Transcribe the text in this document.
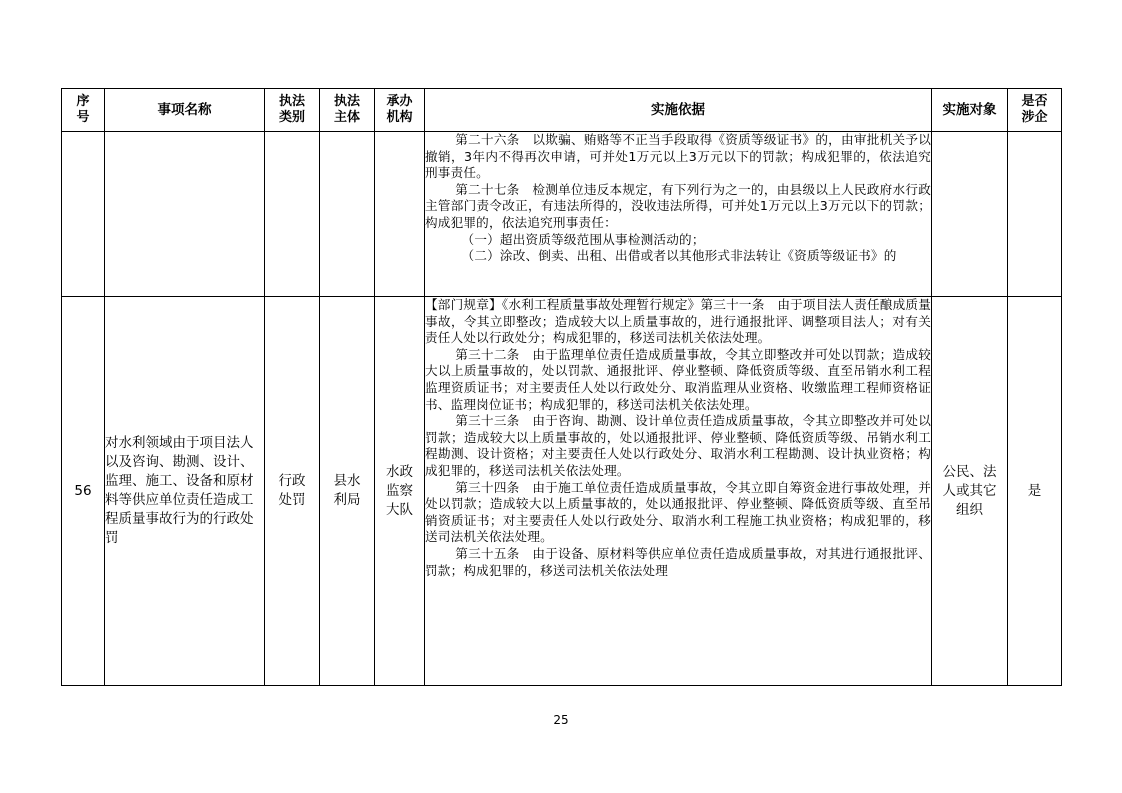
序号	事项名称	执法类别	执法主体	承办机构	实施依据	实施对象	是否涉企

					第二十六条　以欺骗、贿赂等不正当手段取得《资质等级证书》的，由审批机关予以撤销，3年内不得再次申请，可并处1万元以上3万元以下的罚款；构成犯罪的，依法追究刑事责任。

第二十七条　检测单位违反本规定，有下列行为之一的，由县级以上人民政府水行政主管部门责令改正，有违法所得的，没收违法所得，可并处1万元以上3万元以下的罚款；构成犯罪的，依法追究刑事责任：

（一）超出资质等级范围从事检测活动的；

（二）涂改、倒卖、出租、出借或者以其他形式非法转让《资质等级证书》的		

56	对水利领域由于项目法人以及咨询、勘测、设计、监理、施工、设备和原材料等供应单位责任造成工程质量事故行为的行政处罚	行政处罚	县水利局	水政监察大队	【部门规章】《水利工程质量事故处理暂行规定》第三十一条　由于项目法人责任酿成质量事故，令其立即整改；造成较大以上质量事故的，进行通报批评、调整项目法人；对有关责任人处以行政处分；构成犯罪的，移送司法机关依法处理。

第三十二条　由于监理单位责任造成质量事故，令其立即整改并可处以罚款；造成较大以上质量事故的，处以罚款、通报批评、停业整顿、降低资质等级、直至吊销水利工程监理资质证书；对主要责任人处以行政处分、取消监理从业资格、收缴监理工程师资格证书、监理岗位证书；构成犯罪的，移送司法机关依法处理。

第三十三条　由于咨询、勘测、设计单位责任造成质量事故，令其立即整改并可处以罚款；造成较大以上质量事故的，处以通报批评、停业整顿、降低资质等级、吊销水利工程勘测、设计资格；对主要责任人处以行政处分、取消水利工程勘测、设计执业资格；构成犯罪的，移送司法机关依法处理。

第三十四条　由于施工单位责任造成质量事故，令其立即自筹资金进行事故处理，并处以罚款；造成较大以上质量事故的，处以通报批评、停业整顿、降低资质等级、直至吊销资质证书；对主要责任人处以行政处分、取消水利工程施工执业资格；构成犯罪的，移送司法机关依法处理。

第三十五条　由于设备、原材料等供应单位责任造成质量事故，对其进行通报批评、罚款；构成犯罪的，移送司法机关依法处理	公民、法人或其它组织	是
25
